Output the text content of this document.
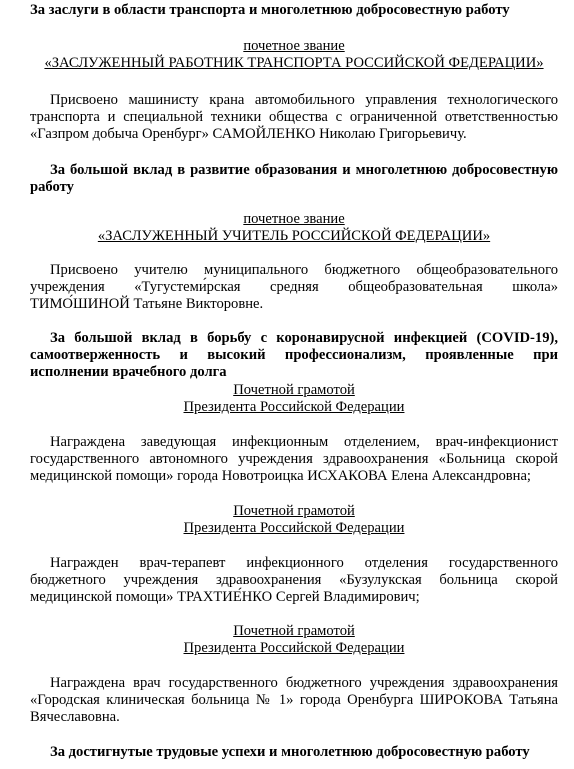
За заслуги в области транспорта и многолетнюю добросовестную работу

почетное звание

«ЗАСЛУЖЕННЫЙ РАБОТНИК ТРАНСПОРТА РОССИЙСКОЙ ФЕДЕРАЦИИ»

Присвоено машинисту крана автомобильного управления технологического транспорта и специальной техники общества с ограниченной ответственностью «Газпром добыча Оренбург» САМОЙЛЕНКО Николаю Григорьевичу.

За большой вклад в развитие образования и многолетнюю добросовестную работу

почетное звание

«ЗАСЛУЖЕННЫЙ УЧИТЕЛЬ РОССИЙСКОЙ ФЕДЕРАЦИИ»

Присвоено учителю муниципального бюджетного общеобразовательного учреждения «Тугустеми́рская средняя общеобразовательная школа» ТИМО́ШИНОЙ Татьяне Викторовне.

За большой вклад в борьбу с коронавирусной инфекцией (COVID-19), самоотверженность и высокий профессионализм, проявленные при исполнении врачебного долга

Почетной грамотой

Президента Российской Федерации

Награждена заведующая инфекционным отделением, врач-инфекционист государственного автономного учреждения здравоохранения «Больница скорой медицинской помощи» города Новотроицка ИСХАКОВА Елена Александровна;

Почетной грамотой

Президента Российской Федерации

Награжден врач-терапевт инфекционного отделения государственного бюджетного учреждения здравоохранения «Бузулукская больница скорой медицинской помощи» ТРАХТИЕ́НКО Сергей Владимирович;

Почетной грамотой

Президента Российской Федерации

Награждена врач государственного бюджетного учреждения здравоохранения «Городская клиническая больница № 1» города Оренбурга ШИРОКОВА Татьяна Вячеславовна.

За достигнутые трудовые успехи и многолетнюю добросовестную работу
